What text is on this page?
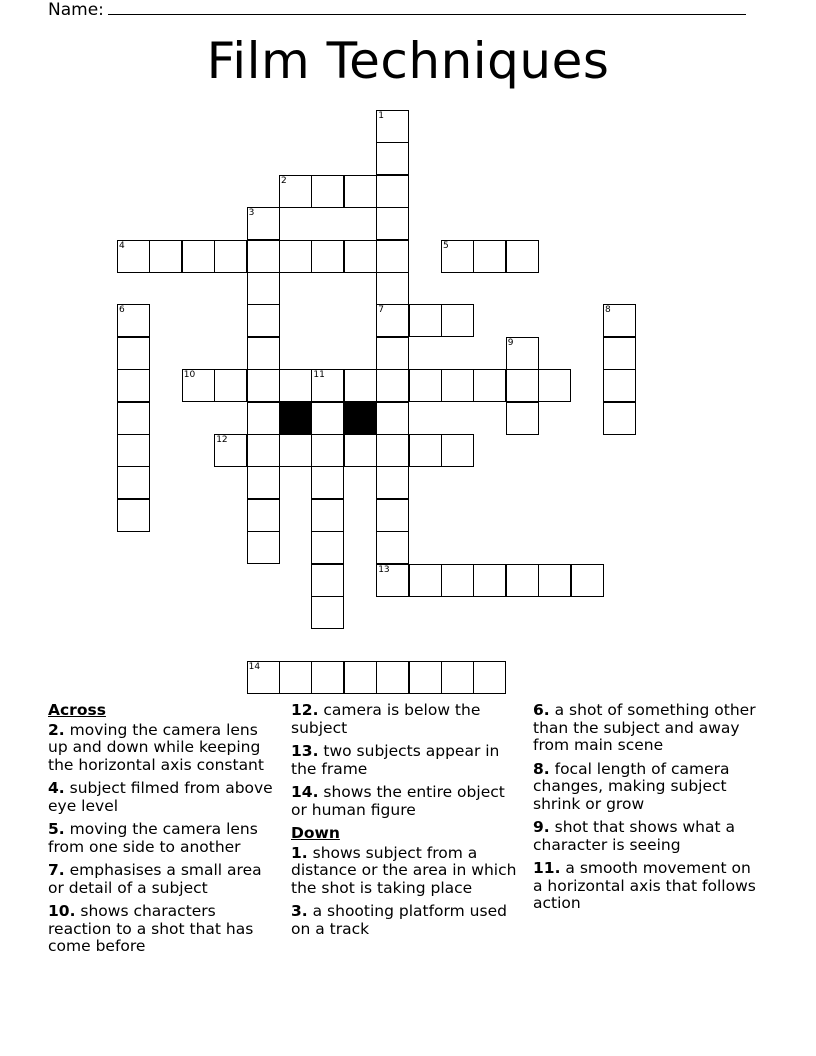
Name:
Film Techniques
1
7
13
2
3
4	5
6	8
9
10	11
12
14
Across
2. moving the camera lens up and down while keeping the horizontal axis constant
4. subject filmed from above eye level
5. moving the camera lens from one side to another
7. emphasises a small area or detail of a subject
10. shows characters reaction to a shot that has come before
12. camera is below the subject
13. two subjects appear in the frame
14. shows the entire object or human figure
Down
1. shows subject from a distance or the area in which the shot is taking place
3. a shooting platform used on a track
6. a shot of something other than the subject and away from main scene
8. focal length of camera changes, making subject shrink or grow
9. shot that shows what a character is seeing
11. a smooth movement on a horizontal axis that follows action
